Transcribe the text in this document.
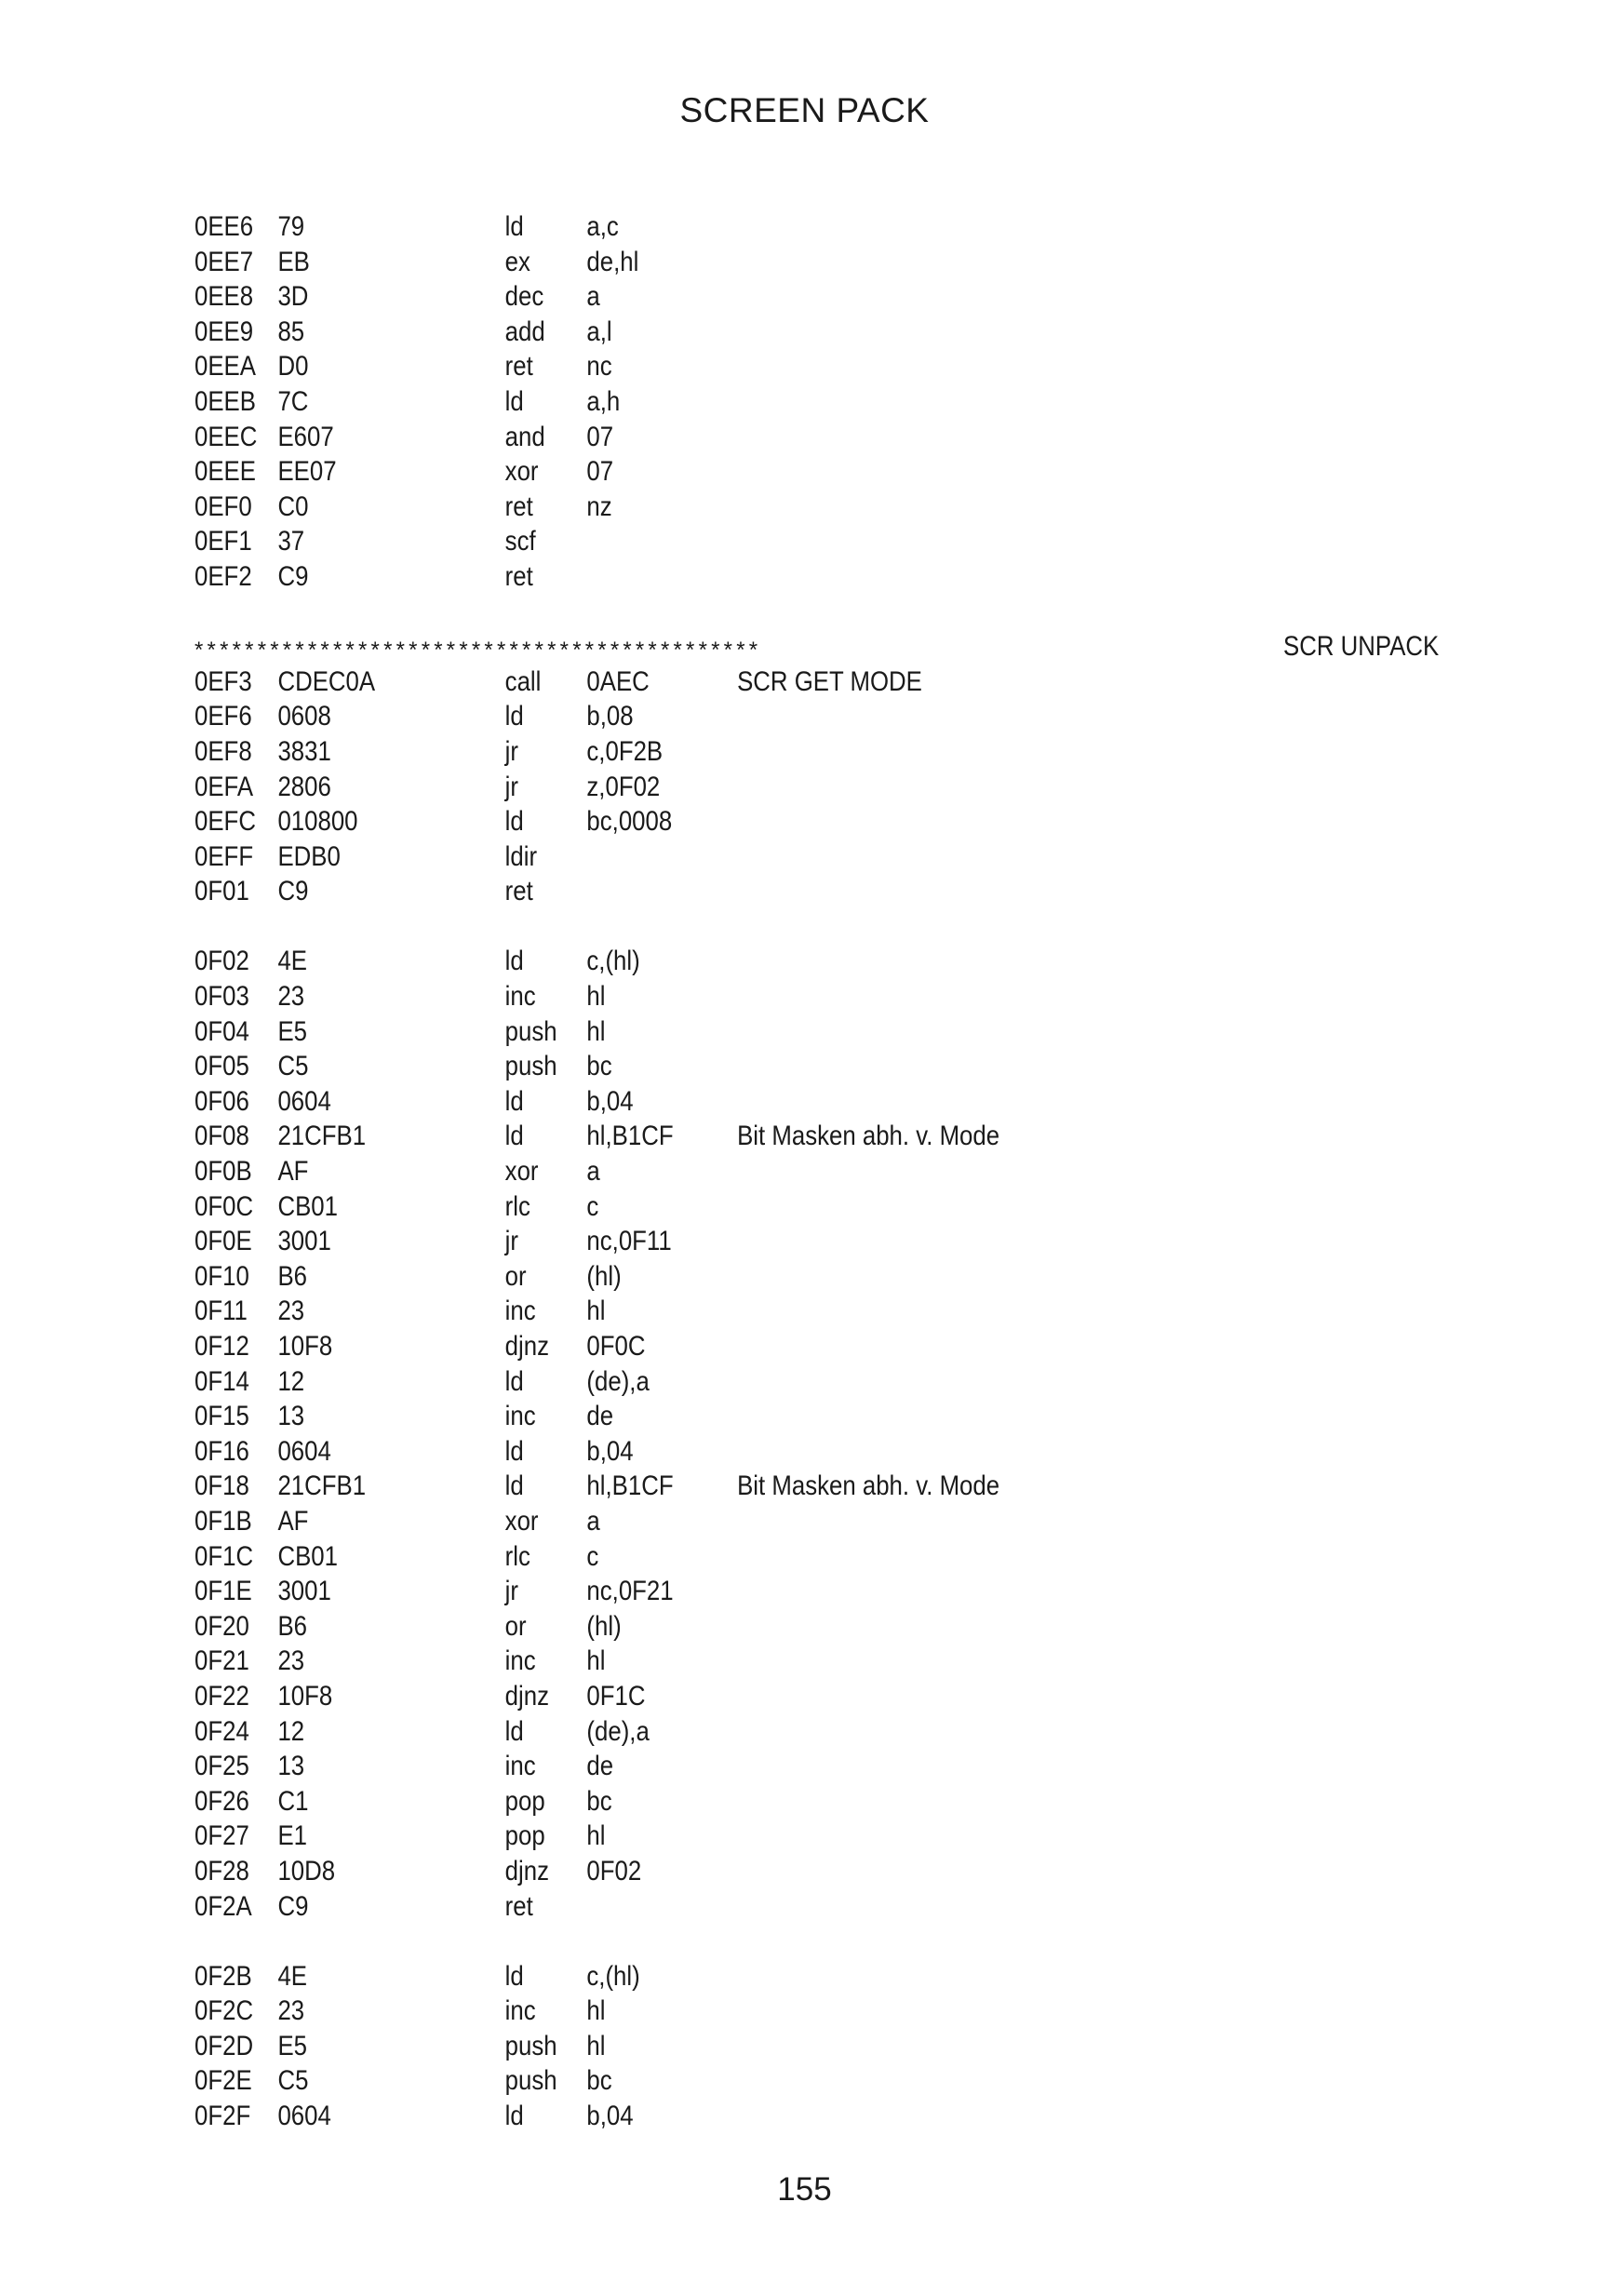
SCREEN PACK
0EE6 79	ld a,c
0EE7 EB	ex de,hl
0EE8 3D	dec a
0EE9 85	add a,l
0EEA D0	ret nc
0EEB 7C	ld a,h
0EEC E607	and 07
0EEE EE07	xor 07
0EF0 C0	ret nz
0EF1 37	scf
0EF2 C9	ret
*********************************************	SCR UNPACK
0EF3 CDEC0A	call 0AEC	SCR GET MODE
0EF6 0608	ld b,08
0EF8 3831	jr c,0F2B
0EFA 2806	jr z,0F02
0EFC 010800	ld bc,0008
0EFF EDB0	ldir
0F01 C9	ret
0F02 4E	ld c,(hl)
0F03 23	inc hl
0F04 E5	push hl
0F05 C5	push bc
0F06 0604	ld b,04
0F08 21CFB1	ld hl,B1CF Bit Masken abh. v. Mode
0F0B AF	xor a
0F0C CB01	rlc c
0F0E 3001	jr nc,0F11
0F10 B6	or (hl)
0F11 23	inc hl
0F12 10F8	djnz 0F0C
0F14 12	ld (de),a
0F15 13	inc de
0F16 0604	ld b,04
0F18 21CFB1	ld hl,B1CF Bit Masken abh. v. Mode
0F1B AF	xor a
0F1C CB01	rlc c
0F1E 3001	jr nc,0F21
0F20 B6	or (hl)
0F21 23	inc hl
0F22 10F8	djnz 0F1C
0F24 12	ld (de),a
0F25 13	inc de
0F26 C1	pop bc
0F27 E1	pop hl
0F28 10D8	djnz 0F02
0F2A C9	ret
0F2B 4E	ld c,(hl)
0F2C 23	inc hl
0F2D E5	push hl
0F2E C5	push bc
0F2F 0604	ld b,04
155
